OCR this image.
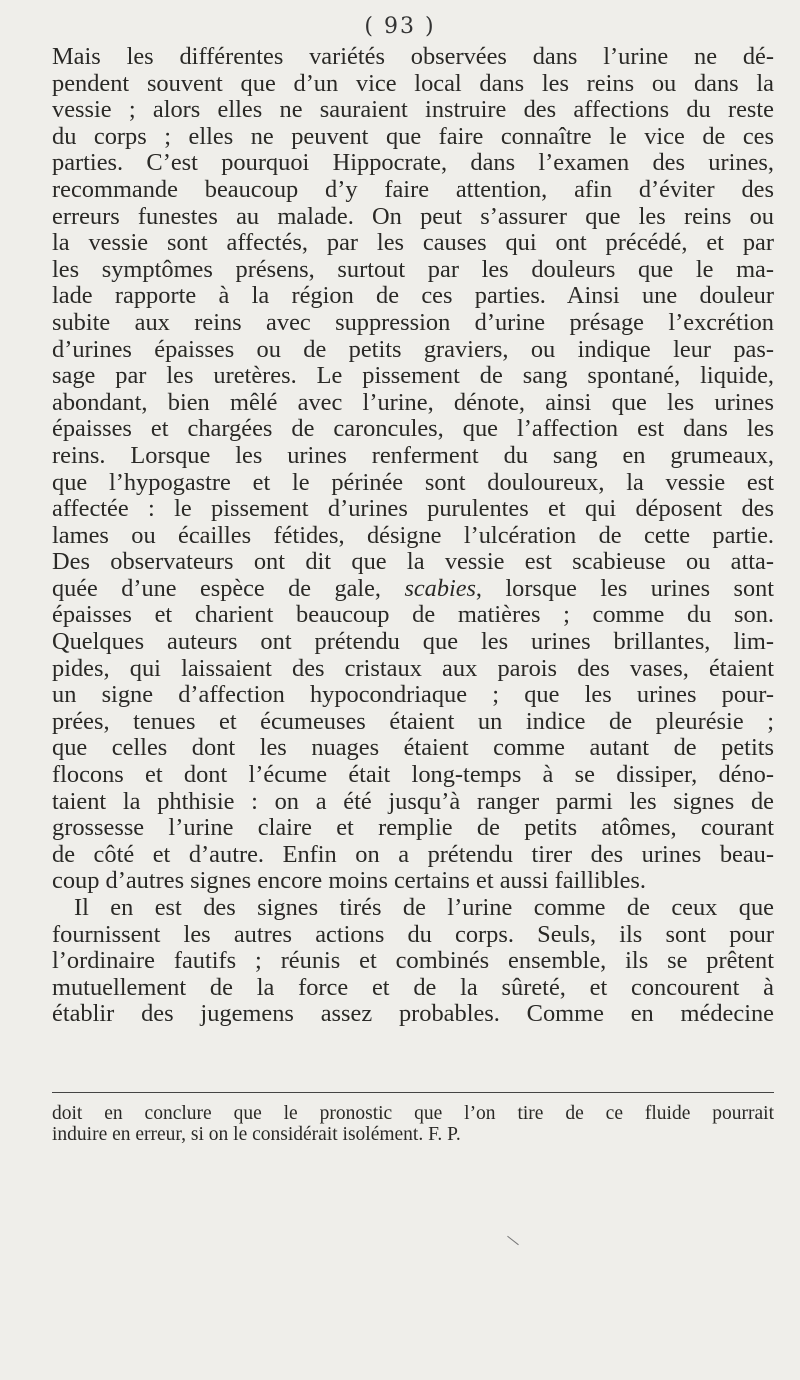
( 93 )
Mais les différentes variétés observées dans l’urine ne dé-
pendent souvent que d’un vice local dans les reins ou dans la
vessie ; alors elles ne sauraient instruire des affections du reste
du corps ; elles ne peuvent que faire connaître le vice de ces
parties. C’est pourquoi Hippocrate, dans l’examen des urines,
recommande beaucoup d’y faire attention, afin d’éviter des
erreurs funestes au malade. On peut s’assurer que les reins ou
la vessie sont affectés, par les causes qui ont précédé, et par
les symptômes présens, surtout par les douleurs que le ma-
lade rapporte à la région de ces parties. Ainsi une douleur
subite aux reins avec suppression d’urine présage l’excrétion
d’urines épaisses ou de petits graviers, ou indique leur pas-
sage par les uretères. Le pissement de sang spontané, liquide,
abondant, bien mêlé avec l’urine, dénote, ainsi que les urines
épaisses et chargées de caroncules, que l’affection est dans les
reins. Lorsque les urines renferment du sang en grumeaux,
que l’hypogastre et le périnée sont douloureux, la vessie est
affectée : le pissement d’urines purulentes et qui déposent des
lames ou écailles fétides, désigne l’ulcération de cette partie.
Des observateurs ont dit que la vessie est scabieuse ou atta-
quée d’une espèce de gale, scabies, lorsque les urines sont
épaisses et charient beaucoup de matières ; comme du son.
Quelques auteurs ont prétendu que les urines brillantes, lim-
pides, qui laissaient des cristaux aux parois des vases, étaient
un signe d’affection hypocondriaque ; que les urines pour-
prées, tenues et écumeuses étaient un indice de pleurésie ;
que celles dont les nuages étaient comme autant de petits
flocons et dont l’écume était long-temps à se dissiper, déno-
taient la phthisie : on a été jusqu’à ranger parmi les signes de
grossesse l’urine claire et remplie de petits atômes, courant
de côté et d’autre. Enfin on a prétendu tirer des urines beau-
coup d’autres signes encore moins certains et aussi faillibles.
Il en est des signes tirés de l’urine comme de ceux que
fournissent les autres actions du corps. Seuls, ils sont pour
l’ordinaire fautifs ; réunis et combinés ensemble, ils se prêtent
mutuellement de la force et de la sûreté, et concourent à
établir des jugemens assez probables. Comme en médecine
doit en conclure que le pronostic que l’on tire de ce fluide pourrait
induire en erreur, si on le considérait isolément. F. P.
